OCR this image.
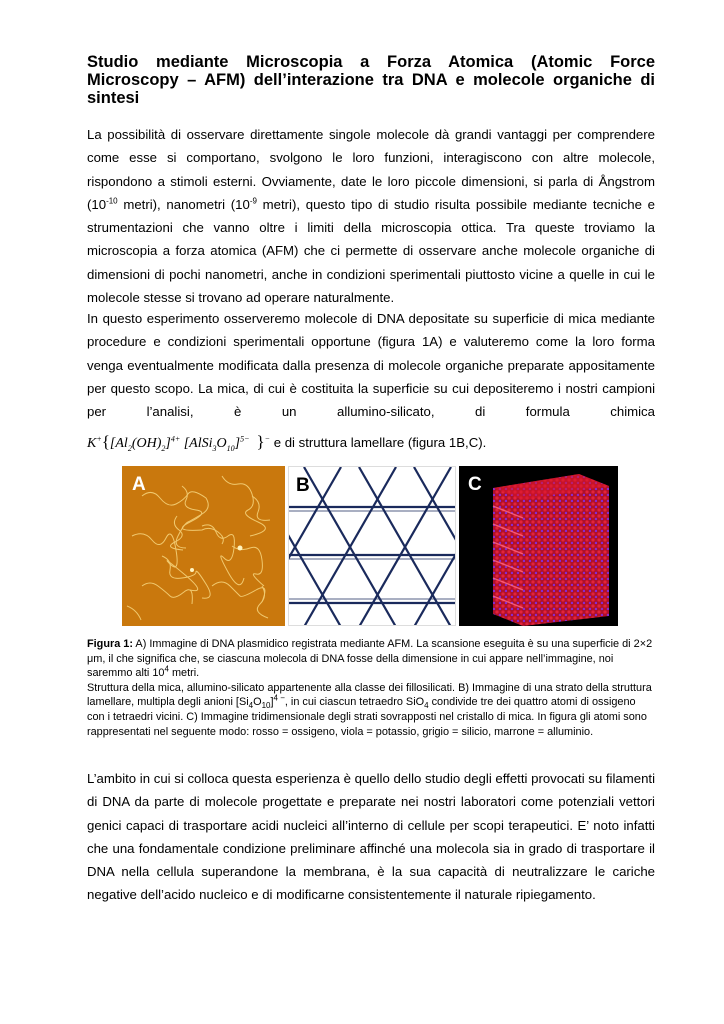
Studio mediante Microscopia a Forza Atomica (Atomic Force Microscopy – AFM) dell’interazione tra DNA e molecole organiche di sintesi

La possibilità di osservare direttamente singole molecole dà grandi vantaggi per comprendere come esse si comportano, svolgono le loro funzioni, interagiscono con altre molecole, rispondono a stimoli esterni. Ovviamente, date le loro piccole dimensioni, si parla di Ångstrom ($10^{-10}$ metri), nanometri ($10^{-9}$ metri), questo tipo di studio risulta possibile mediante tecniche e strumentazioni che vanno oltre i limiti della microscopia ottica. Tra queste troviamo la microscopia a forza atomica (AFM) che ci permette di osservare anche molecole organiche di dimensioni di pochi nanometri, anche in condizioni sperimentali piuttosto vicine a quelle in cui le molecole stesse si trovano ad operare naturalmente.

In questo esperimento osserveremo molecole di DNA depositate su superficie di mica mediante procedure e condizioni sperimentali opportune (figura 1A) e valuteremo come la loro forma venga eventualmente modificata dalla presenza di molecole organiche preparate appositamente per questo scopo. La mica, di cui è costituita la superficie su cui depositeremo i nostri campioni per l’analisi, è un allumino-silicato, di formula chimica

$K^+\{[Al_2(OH)_2]^{4+}$ $[AlSi_3O_{10}]^{5-}$ }− e di struttura lamellare (figura 1B,C).
A	B	C
Figura 1: A) Immagine di DNA plasmidico registrata mediante AFM. La scansione eseguita è su una superficie di 2×2 μm, il che significa che, se ciascuna molecola di DNA fosse della dimensione in cui appare nell’immagine, noi saremmo alti $10^4$ metri.
Struttura della mica, allumino-silicato appartenente alla classe dei fillosilicati. B) Immagine di una strato della struttura lamellare, multipla degli anioni $[Si_4O_{10}]^{4 -}$, in cui ciascun tetraedro SiO$_4$ condivide tre dei quattro atomi di ossigeno con i tetraedri vicini. C) Immagine tridimensionale degli strati sovrapposti nel cristallo di mica. In figura gli atomi sono rappresentati nel seguente modo: rosso = ossigeno, viola = potassio, grigio = silicio, marrone = alluminio.

L’ambito in cui si colloca questa esperienza è quello dello studio degli effetti provocati su filamenti di DNA da parte di molecole progettate e preparate nei nostri laboratori come potenziali vettori genici capaci di trasportare acidi nucleici all’interno di cellule per scopi terapeutici. E’ noto infatti che una fondamentale condizione preliminare affinché una molecola sia in grado di trasportare il DNA nella cellula superandone la membrana, è la sua capacità di neutralizzare le cariche negative dell’acido nucleico e di modificarne consistentemente il naturale ripiegamento.
